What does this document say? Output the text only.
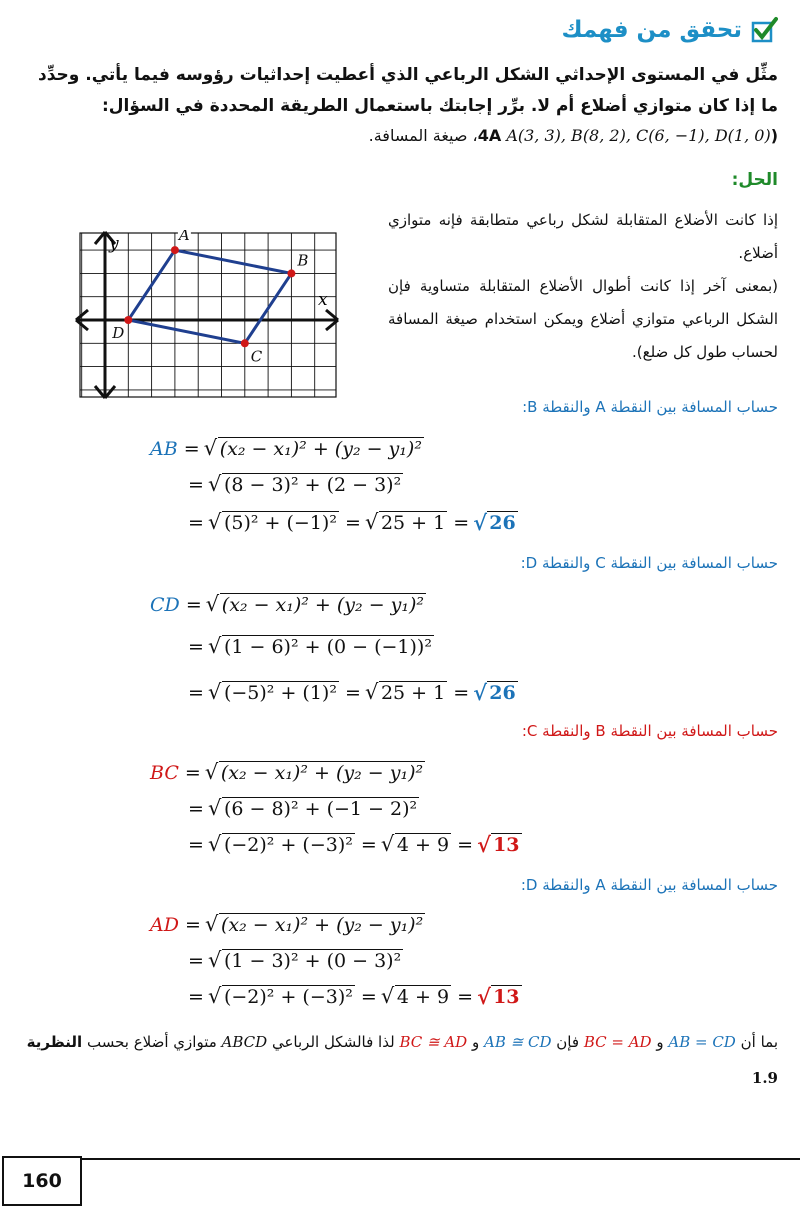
تحقق من فهمك
مثِّل في المستوى الإحداثي الشكل الرباعي الذي أعطيت إحداثيات رؤوسه فيما يأتي. وحدِّد ما إذا كان متوازي أضلاع أم لا. برِّر إجابتك باستعمال الطريقة المحددة في السؤال:
(4A A(3, 3), B(8, 2), C(6, −1), D(1, 0)، صيغة المسافة.
الحل:
إذا كانت الأضلاع المتقابلة لشكل رباعي متطابقة فإنه متوازي أضلاع.
(بمعنى آخر إذا كانت أطوال الأضلاع المتقابلة متساوية فإن الشكل الرباعي متوازي أضلاع ويمكن استخدام صيغة المسافة لحساب طول كل ضلع).
y
x
A
B
C
D
حساب المسافة بين النقطة A والنقطة B:
AB = √ (x₂ − x₁)² + (y₂ − y₁)²
= √ (8 − 3)² + (2 − 3)²
= √ (5)² + (−1)² = √ 25 + 1 = √ 26
حساب المسافة بين النقطة C والنقطة D:
CD = √ (x₂ − x₁)² + (y₂ − y₁)²
= √ (1 − 6)² + (0 − (−1))²
= √ (−5)² + (1)² = √ 25 + 1 = √ 26
حساب المسافة بين النقطة B والنقطة C:
BC = √ (x₂ − x₁)² + (y₂ − y₁)²
= √ (6 − 8)² + (−1 − 2)²
= √ (−2)² + (−3)² = √ 4 + 9 = √ 13
حساب المسافة بين النقطة A والنقطة D:
AD = √ (x₂ − x₁)² + (y₂ − y₁)²
= √ (1 − 3)² + (0 − 3)²
= √ (−2)² + (−3)² = √ 4 + 9 = √ 13
بما أن AB = CD و BC = AD فإن AB ≅ CD و BC ≅ AD لذا فالشكل الرباعي ABCD متوازي أضلاع بحسب النظرية 1.9
160
